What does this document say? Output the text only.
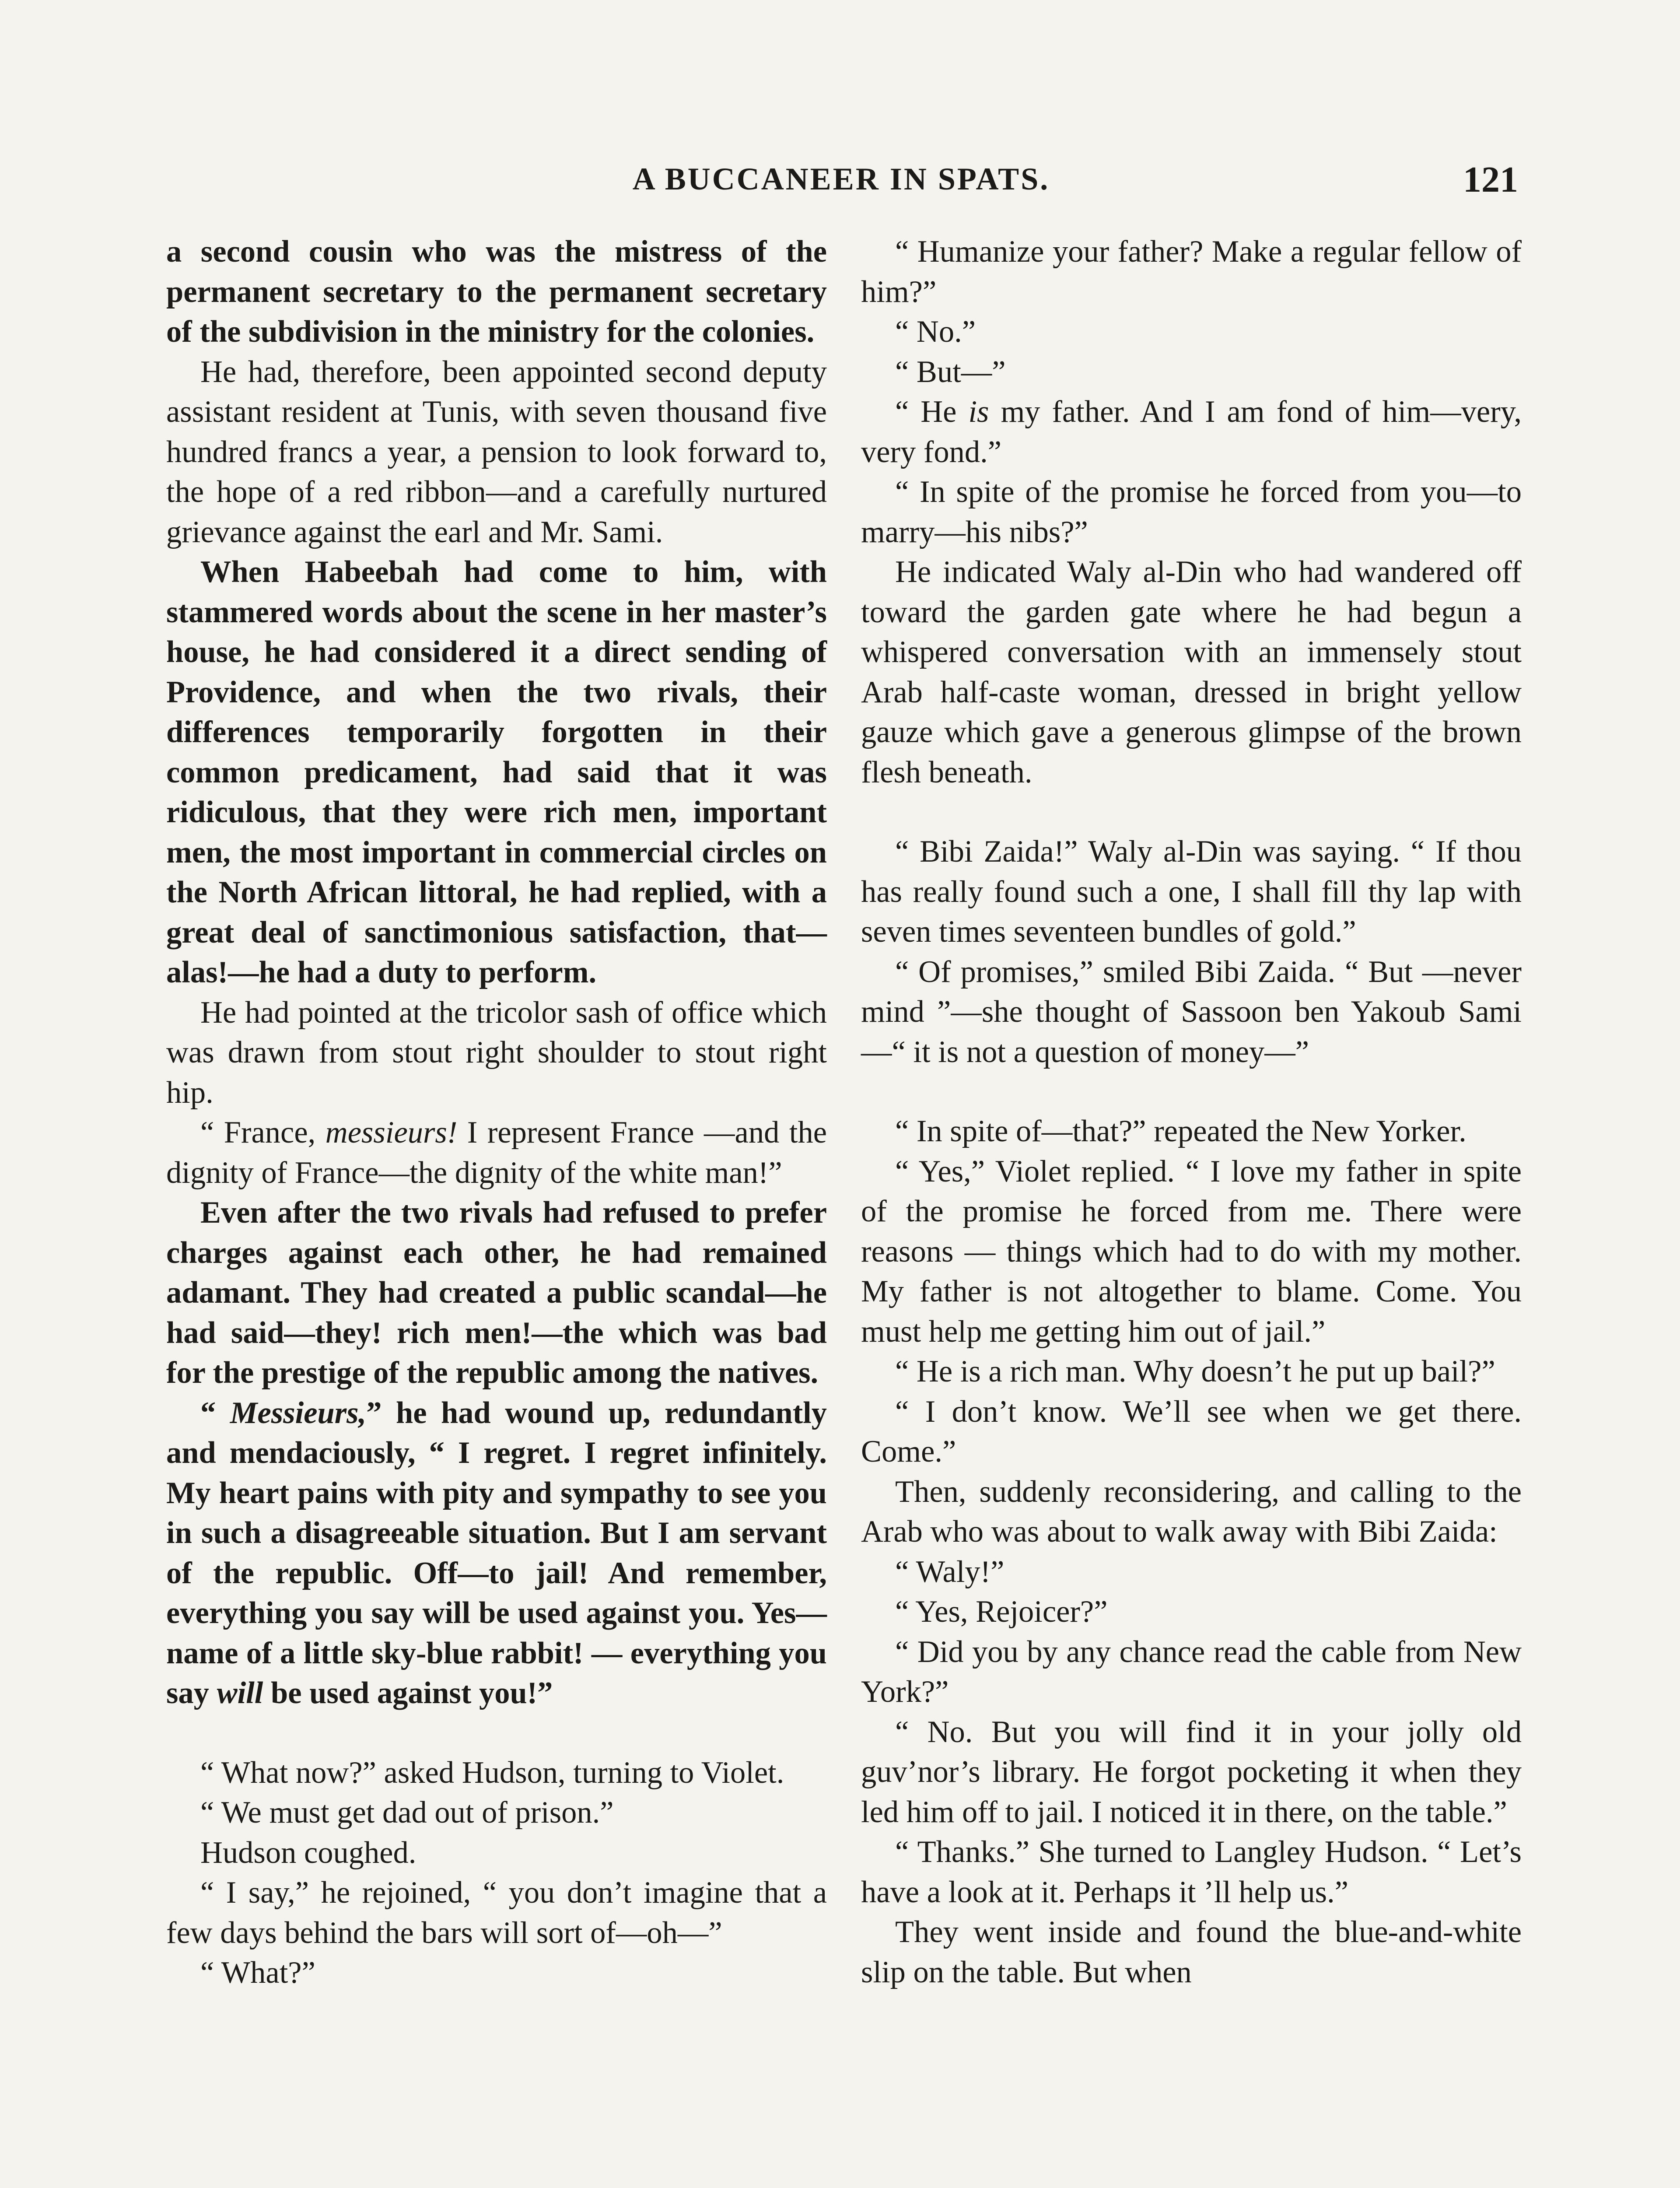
A BUCCANEER IN SPATS.	121

a second cousin who was the mistress of the permanent secretary to the permanent secretary of the subdivision in the ministry for the colonies.

He had, therefore, been appointed second deputy assistant resident at Tunis, with seven thousand five hundred francs a year, a pension to look forward to, the hope of a red ribbon—and a carefully nurtured grievance against the earl and Mr. Sami.

When Habeebah had come to him, with stammered words about the scene in her master’s house, he had considered it a direct sending of Providence, and when the two rivals, their differences temporarily forgotten in their common predicament, had said that it was ridiculous, that they were rich men, important men, the most important in commercial circles on the North African littoral, he had replied, with a great deal of sanctimonious satisfaction, that—alas!—he had a duty to perform.

He had pointed at the tricolor sash of office which was drawn from stout right shoulder to stout right hip.

“ France, messieurs! I represent France —and the dignity of France—the dignity of the white man!”

Even after the two rivals had refused to prefer charges against each other, he had remained adamant. They had created a public scandal—he had said—they! rich men!—the which was bad for the prestige of the republic among the natives.

“ Messieurs,” he had wound up, redundantly and mendaciously, “ I regret. I regret infinitely. My heart pains with pity and sympathy to see you in such a disagreeable situation. But I am servant of the republic. Off—to jail! And remember, everything you say will be used against you. Yes—name of a little sky-blue rabbit! — everything you say will be used against you!”

“ What now?” asked Hudson, turning to Violet.

“ We must get dad out of prison.”

Hudson coughed.

“ I say,” he rejoined, “ you don’t imagine that a few days behind the bars will sort of—oh—”

“ What?”

“ Humanize your father? Make a regular fellow of him?”

“ No.”

“ But—”

“ He is my father. And I am fond of him—very, very fond.”

“ In spite of the promise he forced from you—to marry—his nibs?”

He indicated Waly al-Din who had wandered off toward the garden gate where he had begun a whispered conversation with an immensely stout Arab half-caste woman, dressed in bright yellow gauze which gave a generous glimpse of the brown flesh beneath.

“ Bibi Zaida!” Waly al-Din was saying. “ If thou has really found such a one, I shall fill thy lap with seven times seventeen bundles of gold.”

“ Of promises,” smiled Bibi Zaida. “ But —never mind ”—she thought of Sassoon ben Yakoub Sami—“ it is not a question of money—”

“ In spite of—that?” repeated the New Yorker.

“ Yes,” Violet replied. “ I love my father in spite of the promise he forced from me. There were reasons — things which had to do with my mother. My father is not altogether to blame. Come. You must help me getting him out of jail.”

“ He is a rich man. Why doesn’t he put up bail?”

“ I don’t know. We’ll see when we get there. Come.”

Then, suddenly reconsidering, and calling to the Arab who was about to walk away with Bibi Zaida:

“ Waly!”

“ Yes, Rejoicer?”

“ Did you by any chance read the cable from New York?”

“ No. But you will find it in your jolly old guv’nor’s library. He forgot pocketing it when they led him off to jail. I noticed it in there, on the table.”

“ Thanks.” She turned to Langley Hudson. “ Let’s have a look at it. Perhaps it ’ll help us.”

They went inside and found the blue-and-white slip on the table. But when
